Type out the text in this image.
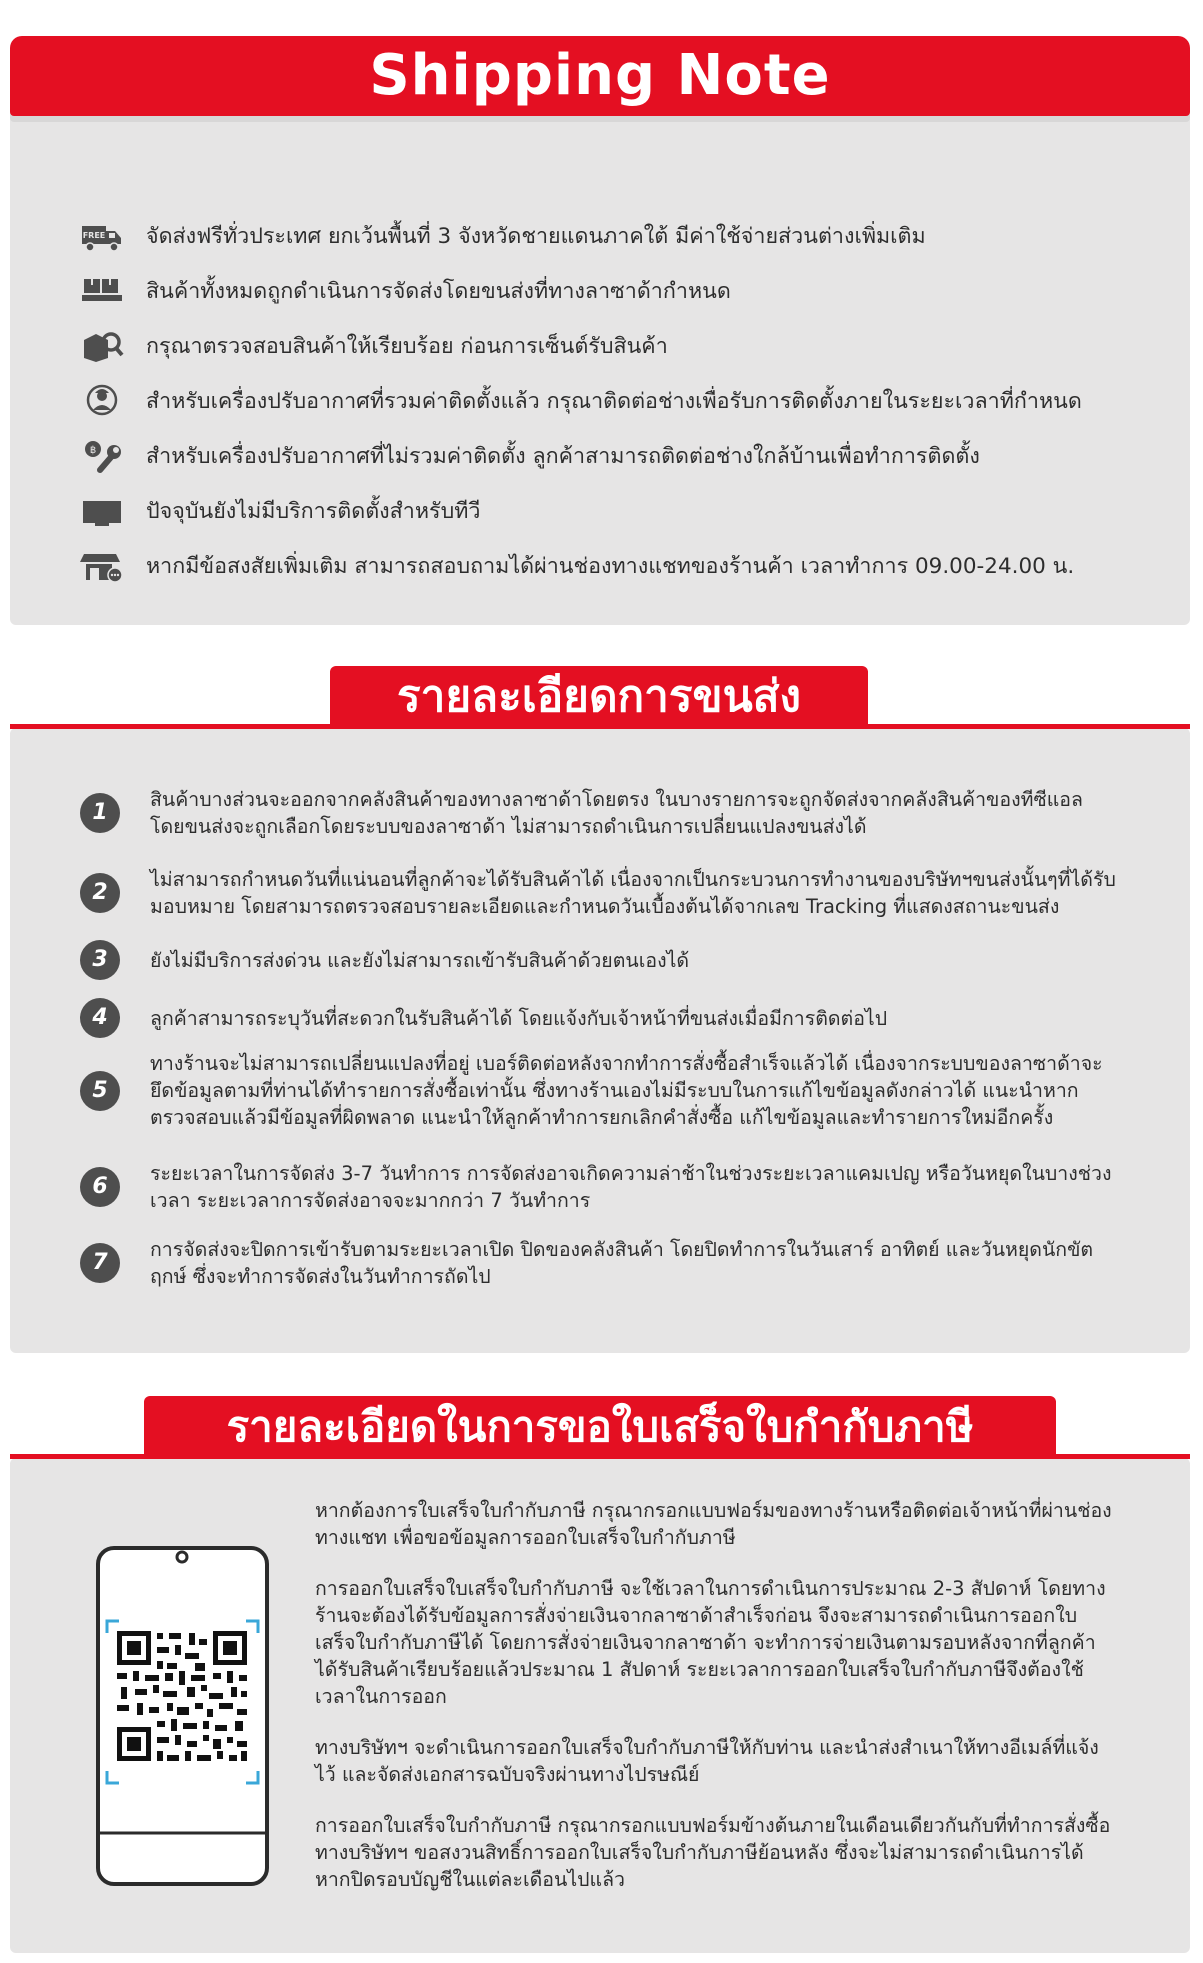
Shipping Note
FREE จัดส่งฟรีทั่วประเทศ ยกเว้นพื้นที่ 3 จังหวัดชายแดนภาคใต้ มีค่าใช้จ่ายส่วนต่างเพิ่มเติม
สินค้าทั้งหมดถูกดำเนินการจัดส่งโดยขนส่งที่ทางลาซาด้ากำหนด
กรุณาตรวจสอบสินค้าให้เรียบร้อย ก่อนการเซ็นต์รับสินค้า
สำหรับเครื่องปรับอากาศที่รวมค่าติดตั้งแล้ว กรุณาติดต่อช่างเพื่อรับการติดตั้งภายในระยะเวลาที่กำหนด
฿ สำหรับเครื่องปรับอากาศที่ไม่รวมค่าติดตั้ง ลูกค้าสามารถติดต่อช่างใกล้บ้านเพื่อทำการติดตั้ง
ปัจจุบันยังไม่มีบริการติดตั้งสำหรับทีวี
หากมีข้อสงสัยเพิ่มเติม สามารถสอบถามได้ผ่านช่องทางแชทของร้านค้า เวลาทำการ 09.00-24.00 น.
รายละเอียดการขนส่ง
1
สินค้าบางส่วนจะออกจากคลังสินค้าของทางลาซาด้าโดยตรง ในบางรายการจะถูกจัดส่งจากคลังสินค้าของทีซีแอล โดยขนส่งจะถูกเลือกโดยระบบของลาซาด้า ไม่สามารถดำเนินการเปลี่ยนแปลงขนส่งได้
2
ไม่สามารถกำหนดวันที่แน่นอนที่ลูกค้าจะได้รับสินค้าได้ เนื่องจากเป็นกระบวนการทำงานของบริษัทฯขนส่งนั้นๆที่ได้รับมอบหมาย โดยสามารถตรวจสอบรายละเอียดและกำหนดวันเบื้องต้นได้จากเลข Tracking ที่แสดงสถานะขนส่ง
3	ยังไม่มีบริการส่งด่วน และยังไม่สามารถเข้ารับสินค้าด้วยตนเองได้
4	ลูกค้าสามารถระบุวันที่สะดวกในรับสินค้าได้ โดยแจ้งกับเจ้าหน้าที่ขนส่งเมื่อมีการติดต่อไป
5
ทางร้านจะไม่สามารถเปลี่ยนแปลงที่อยู่ เบอร์ติดต่อหลังจากทำการสั่งซื้อสำเร็จแล้วได้ เนื่องจากระบบของลาซาด้าจะยึดข้อมูลตามที่ท่านได้ทำรายการสั่งซื้อเท่านั้น ซึ่งทางร้านเองไม่มีระบบในการแก้ไขข้อมูลดังกล่าวได้ แนะนำหากตรวจสอบแล้วมีข้อมูลที่ผิดพลาด แนะนำให้ลูกค้าทำการยกเลิกคำสั่งซื้อ แก้ไขข้อมูลและทำรายการใหม่อีกครั้ง
6
ระยะเวลาในการจัดส่ง 3-7 วันทำการ การจัดส่งอาจเกิดความล่าช้าในช่วงระยะเวลาแคมเปญ หรือวันหยุดในบางช่วงเวลา ระยะเวลาการจัดส่งอาจจะมากกว่า 7 วันทำการ
7
การจัดส่งจะปิดการเข้ารับตามระยะเวลาเปิด ปิดของคลังสินค้า โดยปิดทำการในวันเสาร์ อาทิตย์ และวันหยุดนักขัตฤกษ์ ซึ่งจะทำการจัดส่งในวันทำการถัดไป
รายละเอียดในการขอใบเสร็จใบกำกับภาษี

หากต้องการใบเสร็จใบกำกับภาษี กรุณากรอกแบบฟอร์มของทางร้านหรือติดต่อเจ้าหน้าที่ผ่านช่องทางแชท เพื่อขอข้อมูลการออกใบเสร็จใบกำกับภาษี

การออกใบเสร็จใบเสร็จใบกำกับภาษี จะใช้เวลาในการดำเนินการประมาณ 2-3 สัปดาห์ โดยทางร้านจะต้องได้รับข้อมูลการสั่งจ่ายเงินจากลาซาด้าสำเร็จก่อน จึงจะสามารถดำเนินการออกใบเสร็จใบกำกับภาษีได้ โดยการสั่งจ่ายเงินจากลาซาด้า จะทำการจ่ายเงินตามรอบหลังจากที่ลูกค้าได้รับสินค้าเรียบร้อยแล้วประมาณ 1 สัปดาห์ ระยะเวลาการออกใบเสร็จใบกำกับภาษีจึงต้องใช้เวลาในการออก

ทางบริษัทฯ จะดำเนินการออกใบเสร็จใบกำกับภาษีให้กับท่าน และนำส่งสำเนาให้ทางอีเมล์ที่แจ้งไว้ และจัดส่งเอกสารฉบับจริงผ่านทางไปรษณีย์

การออกใบเสร็จใบกำกับภาษี กรุณากรอกแบบฟอร์มข้างต้นภายในเดือนเดียวกันกับที่ทำการสั่งซื้อ ทางบริษัทฯ ขอสงวนสิทธิ์การออกใบเสร็จใบกำกับภาษีย้อนหลัง ซึ่งจะไม่สามารถดำเนินการได้หากปิดรอบบัญชีในแต่ละเดือนไปแล้ว
